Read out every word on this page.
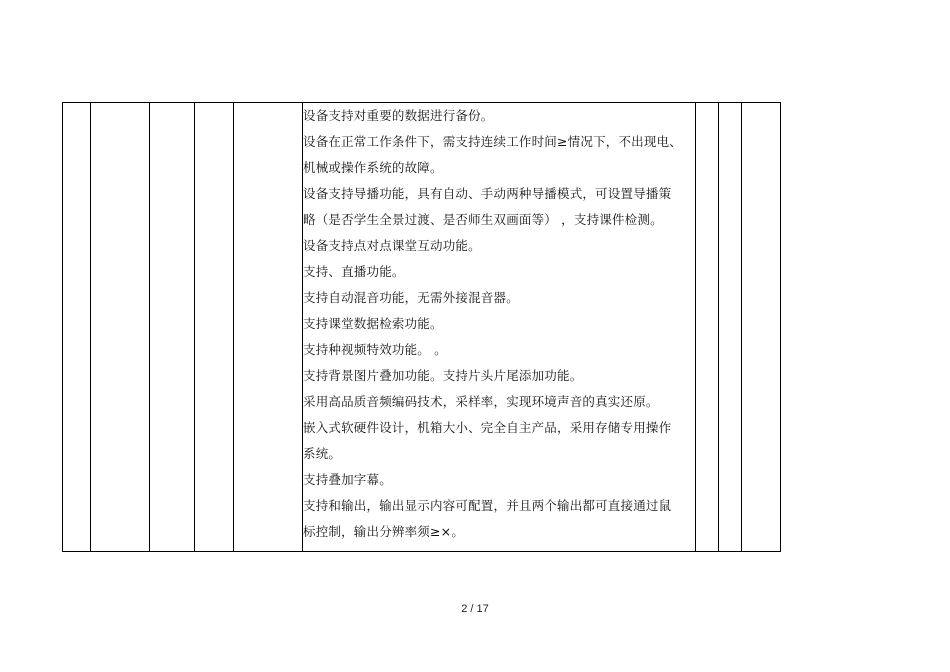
设备支持对重要的数据进行备份。
设备在正常工作条件下，需支持连续工作时间≥情况下，不出现电、
机械或操作系统的故障。
设备支持导播功能，具有自动、手动两种导播模式，可设置导播策
略（是否学生全景过渡、是否师生双画面等） ，支持课件检测。
设备支持点对点课堂互动功能。
支持、直播功能。
支持自动混音功能，无需外接混音器。
支持课堂数据检索功能。
支持种视频特效功能。 。
支持背景图片叠加功能。支持片头片尾添加功能。
采用高品质音频编码技术，采样率，实现环境声音的真实还原。
嵌入式软硬件设计，机箱大小、完全自主产品，采用存储专用操作
系统。
支持叠加字幕。
支持和输出，输出显示内容可配置，并且两个输出都可直接通过鼠
标控制，输出分辨率须≥×。

2 / 17
